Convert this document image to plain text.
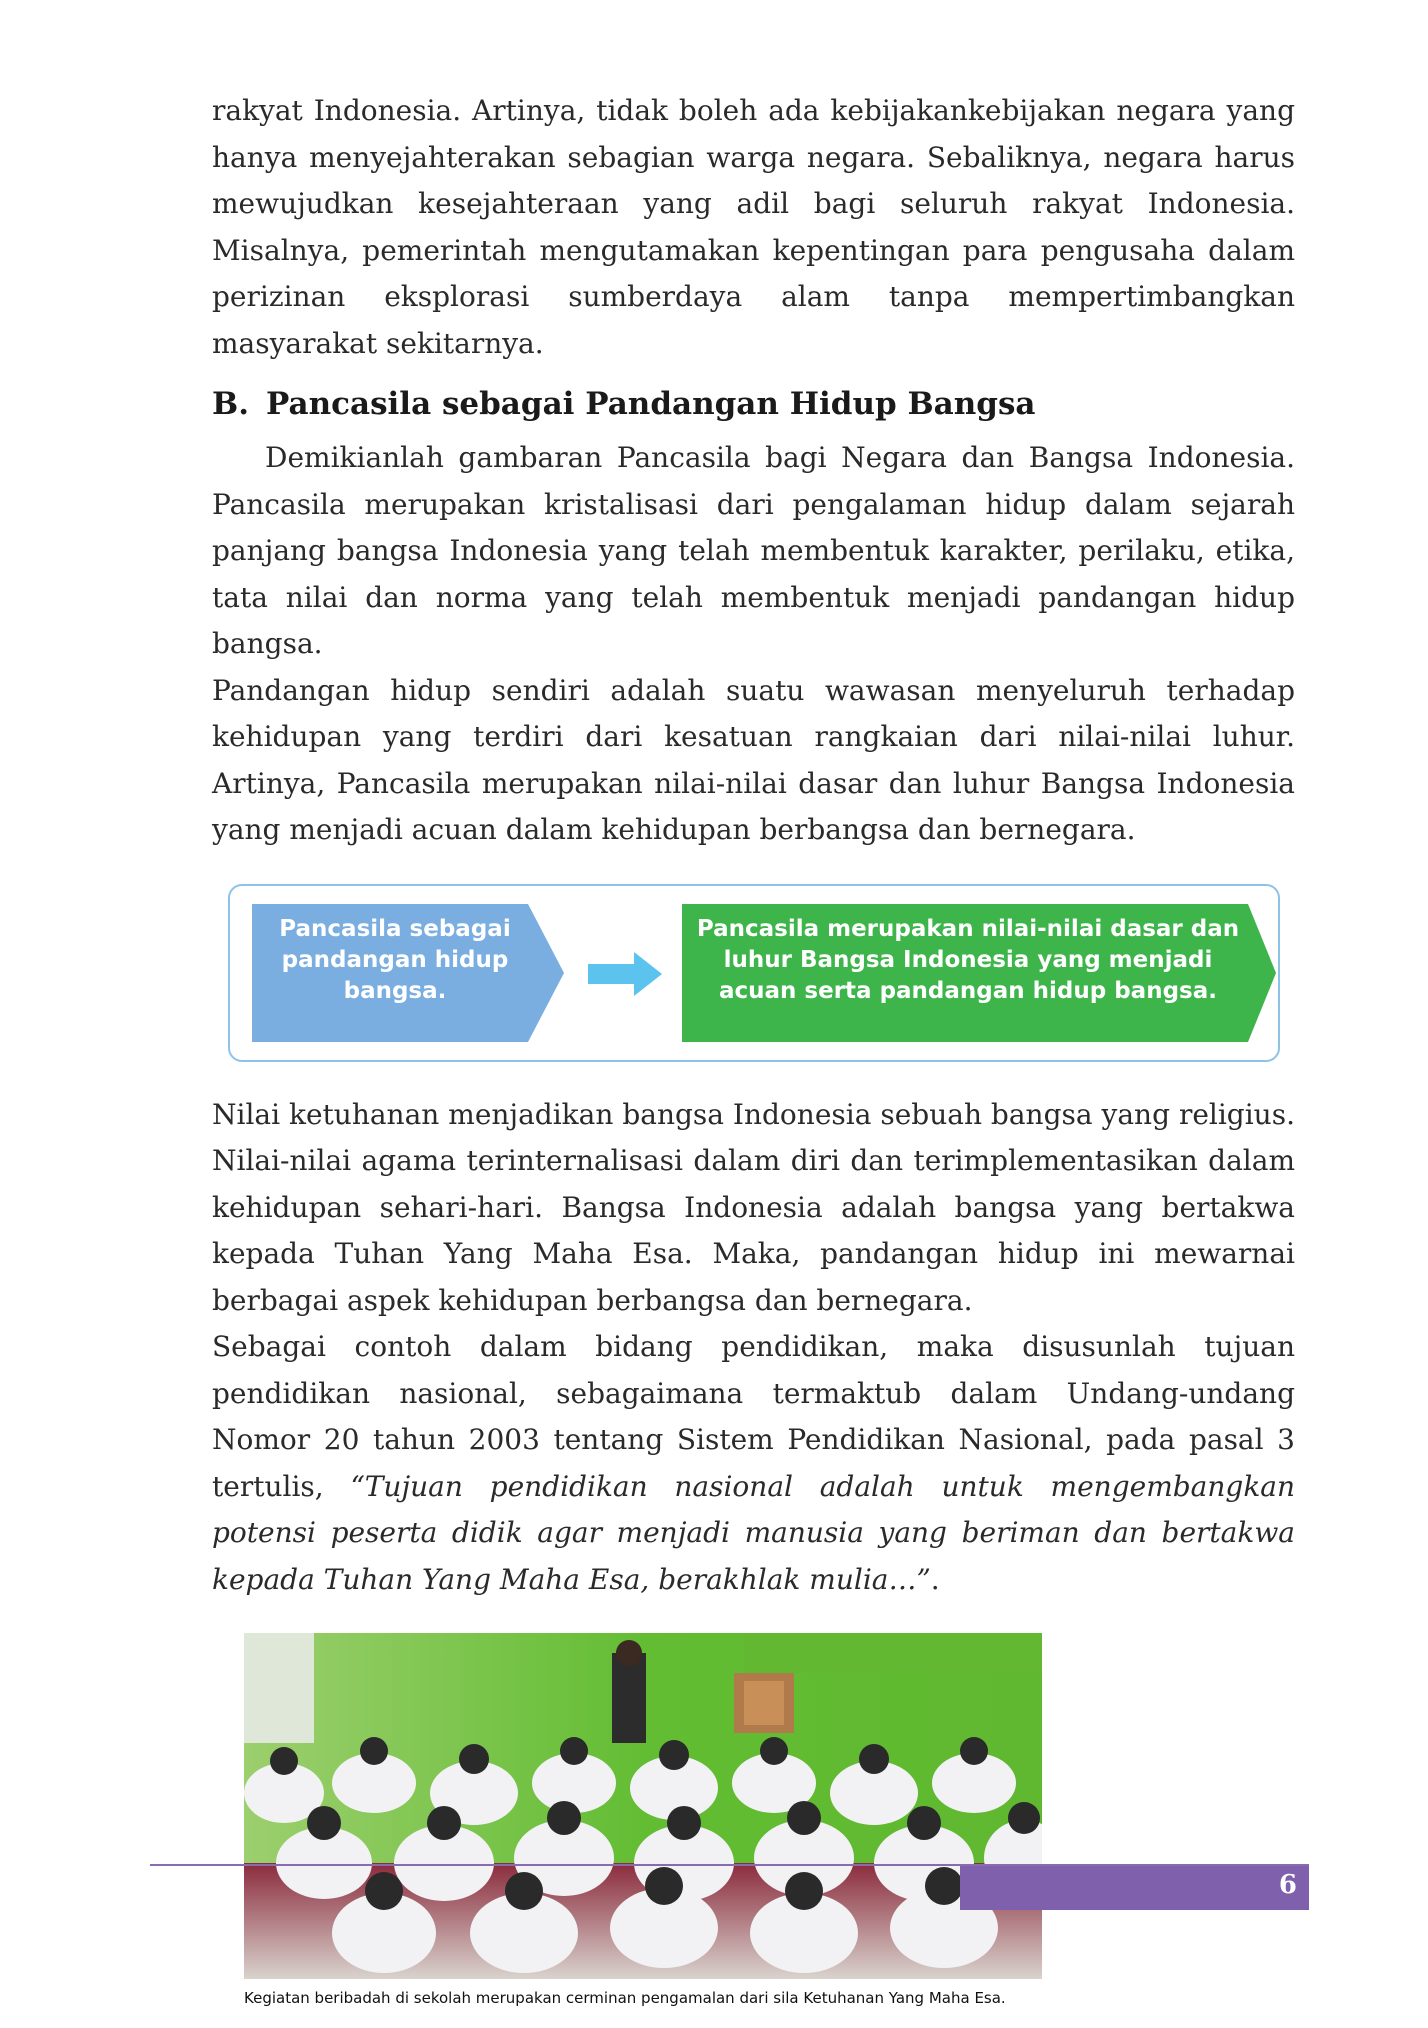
rakyat Indonesia. Artinya, tidak boleh ada kebijakankebijakan negara yang hanya menyejahterakan sebagian warga negara. Sebaliknya, negara harus mewujudkan kesejahteraan yang adil bagi seluruh rakyat Indonesia. Misalnya, pemerintah mengutamakan kepentingan para pengusaha dalam perizinan eksplorasi sumberdaya alam tanpa mempertimbangkan masyarakat sekitarnya.

B. Pancasila sebagai Pandangan Hidup Bangsa

Demikianlah gambaran Pancasila bagi Negara dan Bangsa Indonesia. Pancasila merupakan kristalisasi dari pengalaman hidup dalam sejarah panjang bangsa Indonesia yang telah membentuk karakter, perilaku, etika, tata nilai dan norma yang telah membentuk menjadi pandangan hidup bangsa.

Pandangan hidup sendiri adalah suatu wawasan menyeluruh terhadap kehidupan yang terdiri dari kesatuan rangkaian dari nilai-nilai luhur. Artinya, Pancasila merupakan nilai-nilai dasar dan luhur Bangsa Indonesia yang menjadi acuan dalam kehidupan berbangsa dan bernegara.

Pancasila sebagai pandangan hidup bangsa.
Pancasila merupakan nilai-nilai dasar dan luhur Bangsa Indonesia yang menjadi acuan serta pandangan hidup bangsa.

Nilai ketuhanan menjadikan bangsa Indonesia sebuah bangsa yang religius. Nilai-nilai agama terinternalisasi dalam diri dan terimplementasikan dalam kehidupan sehari-hari. Bangsa Indonesia adalah bangsa yang bertakwa kepada Tuhan Yang Maha Esa. Maka, pandangan hidup ini mewarnai berbagai aspek kehidupan berbangsa dan bernegara.

Sebagai contoh dalam bidang pendidikan, maka disusunlah tujuan pendidikan nasional, sebagaimana termaktub dalam Undang-undang Nomor 20 tahun 2003 tentang Sistem Pendidikan Nasional, pada pasal 3 tertulis, “Tujuan pendidikan nasional adalah untuk mengembangkan potensi peserta didik agar menjadi manusia yang beriman dan bertakwa kepada Tuhan Yang Maha Esa, berakhlak mulia…”.

Kegiatan beribadah di sekolah merupakan cerminan pengamalan dari sila Ketuhanan Yang Maha Esa.
6
